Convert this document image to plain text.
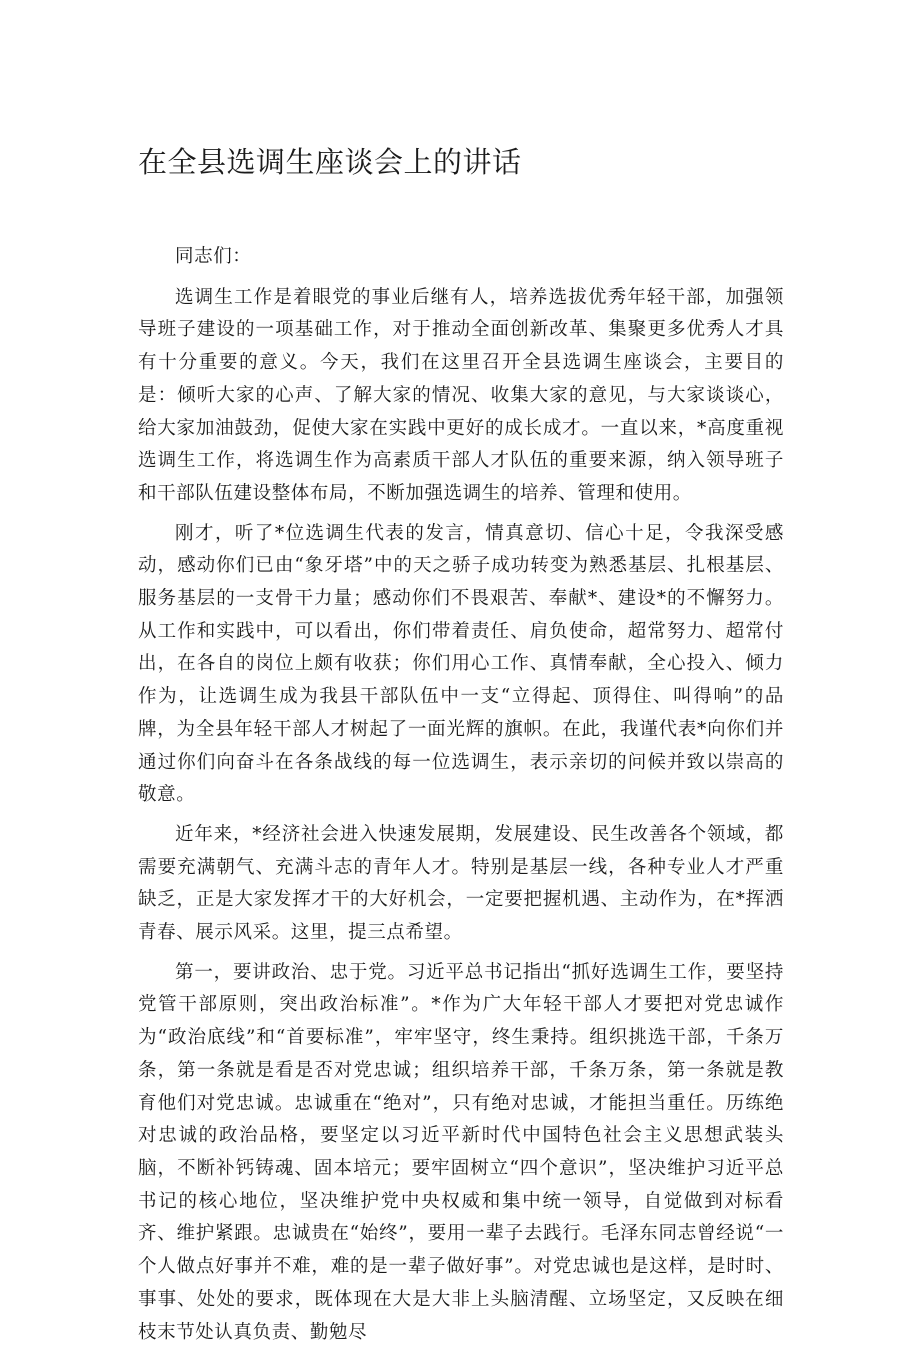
在全县选调生座谈会上的讲话

同志们：

选调生工作是着眼党的事业后继有人，培养选拔优秀年轻干部，加强领导班子建设的一项基础工作，对于推动全面创新改革、集聚更多优秀人才具有十分重要的意义。今天，我们在这里召开全县选调生座谈会，主要目的是：倾听大家的心声、了解大家的情况、收集大家的意见，与大家谈谈心，给大家加油鼓劲，促使大家在实践中更好的成长成才。一直以来，*高度重视选调生工作，将选调生作为高素质干部人才队伍的重要来源，纳入领导班子和干部队伍建设整体布局，不断加强选调生的培养、管理和使用。

刚才，听了*位选调生代表的发言，情真意切、信心十足，令我深受感动，感动你们已由“象牙塔”中的天之骄子成功转变为熟悉基层、扎根基层、服务基层的一支骨干力量；感动你们不畏艰苦、奉献*、建设*的不懈努力。从工作和实践中，可以看出，你们带着责任、肩负使命，超常努力、超常付出，在各自的岗位上颇有收获；你们用心工作、真情奉献，全心投入、倾力作为，让选调生成为我县干部队伍中一支“立得起、顶得住、叫得响”的品牌，为全县年轻干部人才树起了一面光辉的旗帜。在此，我谨代表*向你们并通过你们向奋斗在各条战线的每一位选调生，表示亲切的问候并致以崇高的敬意。

近年来，*经济社会进入快速发展期，发展建设、民生改善各个领域，都需要充满朝气、充满斗志的青年人才。特别是基层一线，各种专业人才严重缺乏，正是大家发挥才干的大好机会，一定要把握机遇、主动作为，在*挥洒青春、展示风采。这里，提三点希望。

第一，要讲政治、忠于党。习近平总书记指出“抓好选调生工作，要坚持党管干部原则，突出政治标准”。*作为广大年轻干部人才要把对党忠诚作为“政治底线”和“首要标准”，牢牢坚守，终生秉持。组织挑选干部，千条万条，第一条就是看是否对党忠诚；组织培养干部，千条万条，第一条就是教育他们对党忠诚。忠诚重在“绝对”，只有绝对忠诚，才能担当重任。历练绝对忠诚的政治品格，要坚定以习近平新时代中国特色社会主义思想武装头脑，不断补钙铸魂、固本培元；要牢固树立“四个意识”，坚决维护习近平总书记的核心地位，坚决维护党中央权威和集中统一领导，自觉做到对标看齐、维护紧跟。忠诚贵在“始终”，要用一辈子去践行。毛泽东同志曾经说“一个人做点好事并不难，难的是一辈子做好事”。对党忠诚也是这样，是时时、事事、处处的要求，既体现在大是大非上头脑清醒、立场坚定，又反映在细枝末节处认真负责、勤勉尽
